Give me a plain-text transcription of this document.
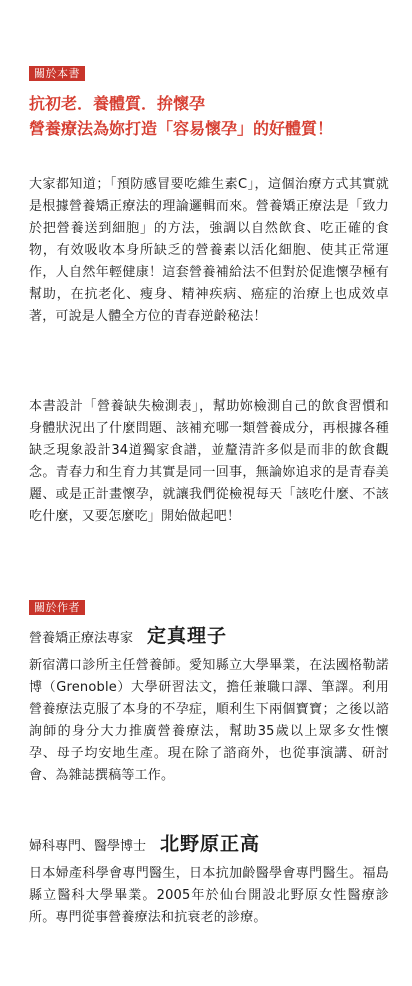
關於本書

抗初老．養體質．拚懷孕

營養療法為妳打造「容易懷孕」的好體質！

大家都知道；「預防感冒要吃維生素C」，這個治療方式其實就是根據營養矯正療法的理論邏輯而來。營養矯正療法是「致力於把營養送到細胞」的方法，強調以自然飲食、吃正確的食物，有效吸收本身所缺乏的營養素以活化細胞、使其正常運作，人自然年輕健康！這套營養補給法不但對於促進懷孕極有幫助，在抗老化、瘦身、精神疾病、癌症的治療上也成效卓著，可說是人體全方位的青春逆齡秘法！

本書設計「營養缺失檢測表」，幫助妳檢測自己的飲食習慣和身體狀況出了什麼問題、該補充哪一類營養成分，再根據各種缺乏現象設計34道獨家食譜，並釐清許多似是而非的飲食觀念。青春力和生育力其實是同一回事，無論妳追求的是青春美麗、或是正計畫懷孕，就讓我們從檢視每天「該吃什麼、不該吃什麼，又要怎麼吃」開始做起吧！

關於作者

營養矯正療法專家 定真理子

新宿溝口診所主任營養師。愛知縣立大學畢業，在法國格勒諾博（Grenoble）大學研習法文，擔任兼職口譯、筆譯。利用營養療法克服了本身的不孕症，順利生下兩個寶寶；之後以諮詢師的身分大力推廣營養療法，幫助35歲以上眾多女性懷孕、母子均安地生產。現在除了諮商外，也從事演講、研討會、為雜誌撰稿等工作。

婦科專門、醫學博士 北野原正高

日本婦產科學會專門醫生，日本抗加齡醫學會專門醫生。福島縣立醫科大學畢業。2005年於仙台開設北野原女性醫療診所。專門從事營養療法和抗衰老的診療。
